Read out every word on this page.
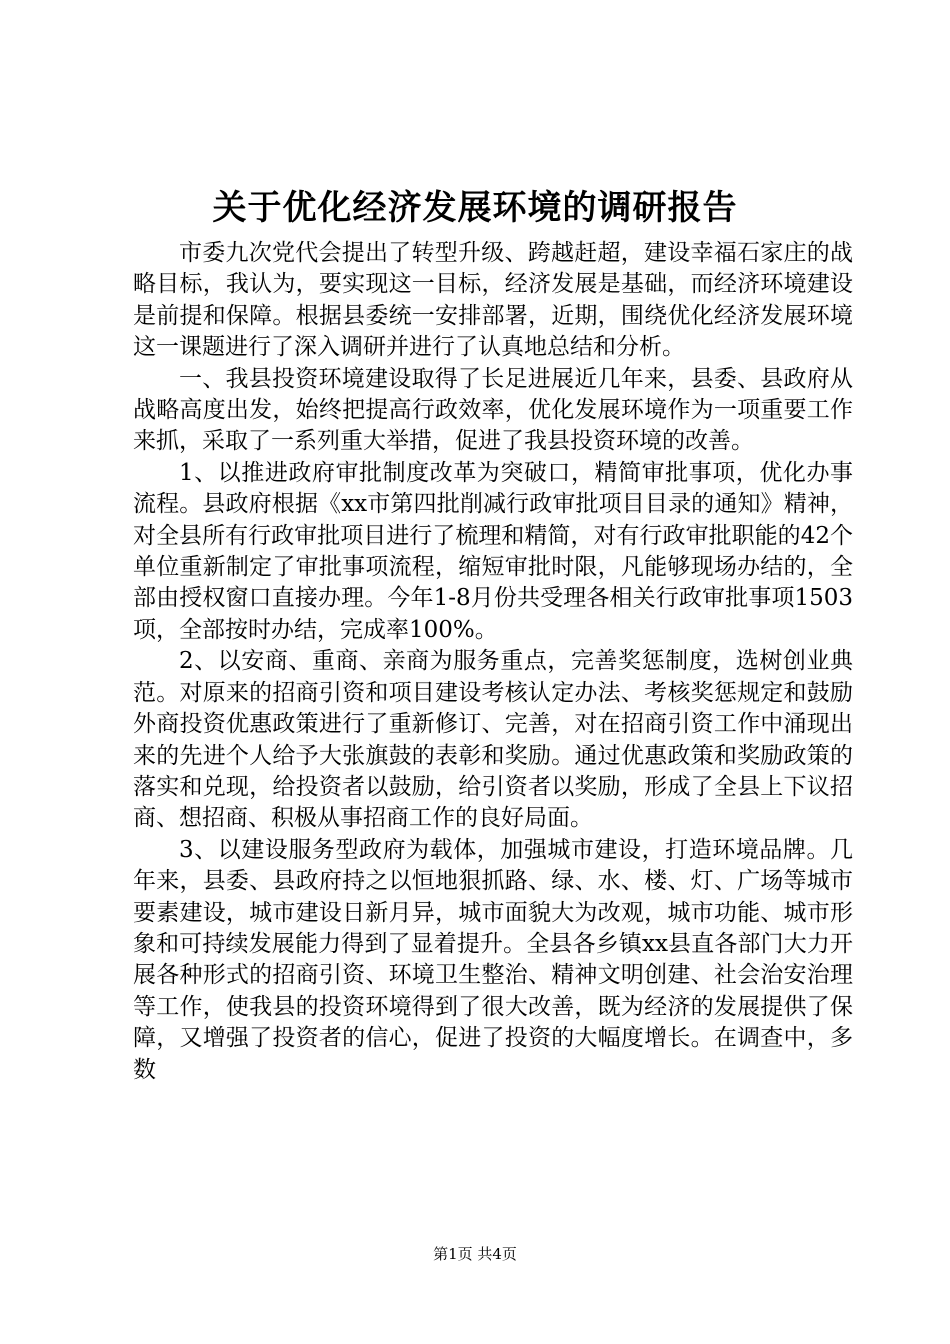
关于优化经济发展环境的调研报告

市委九次党代会提出了转型升级、跨越赶超，建设幸福石家庄的战略目标，我认为，要实现这一目标，经济发展是基础，而经济环境建设是前提和保障。根据县委统一安排部署，近期，围绕优化经济发展环境这一课题进行了深入调研并进行了认真地总结和分析。

一、我县投资环境建设取得了长足进展近几年来，县委、县政府从战略高度出发，始终把提高行政效率，优化发展环境作为一项重要工作来抓，采取了一系列重大举措，促进了我县投资环境的改善。

1、以推进政府审批制度改革为突破口，精简审批事项，优化办事流程。县政府根据《xx市第四批削减行政审批项目目录的通知》精神，对全县所有行政审批项目进行了梳理和精简，对有行政审批职能的42个单位重新制定了审批事项流程，缩短审批时限，凡能够现场办结的，全部由授权窗口直接办理。今年1-8月份共受理各相关行政审批事项1503项，全部按时办结，完成率100%。

2、以安商、重商、亲商为服务重点，完善奖惩制度，选树创业典范。对原来的招商引资和项目建设考核认定办法、考核奖惩规定和鼓励外商投资优惠政策进行了重新修订、完善，对在招商引资工作中涌现出来的先进个人给予大张旗鼓的表彰和奖励。通过优惠政策和奖励政策的落实和兑现，给投资者以鼓励，给引资者以奖励，形成了全县上下议招商、想招商、积极从事招商工作的良好局面。

3、以建设服务型政府为载体，加强城市建设，打造环境品牌。几年来，县委、县政府持之以恒地狠抓路、绿、水、楼、灯、广场等城市要素建设，城市建设日新月异，城市面貌大为改观，城市功能、城市形象和可持续发展能力得到了显着提升。全县各乡镇xx县直各部门大力开展各种形式的招商引资、环境卫生整治、精神文明创建、社会治安治理等工作，使我县的投资环境得到了很大改善，既为经济的发展提供了保障，又增强了投资者的信心，促进了投资的大幅度增长。在调查中，多数

第1页 共4页
